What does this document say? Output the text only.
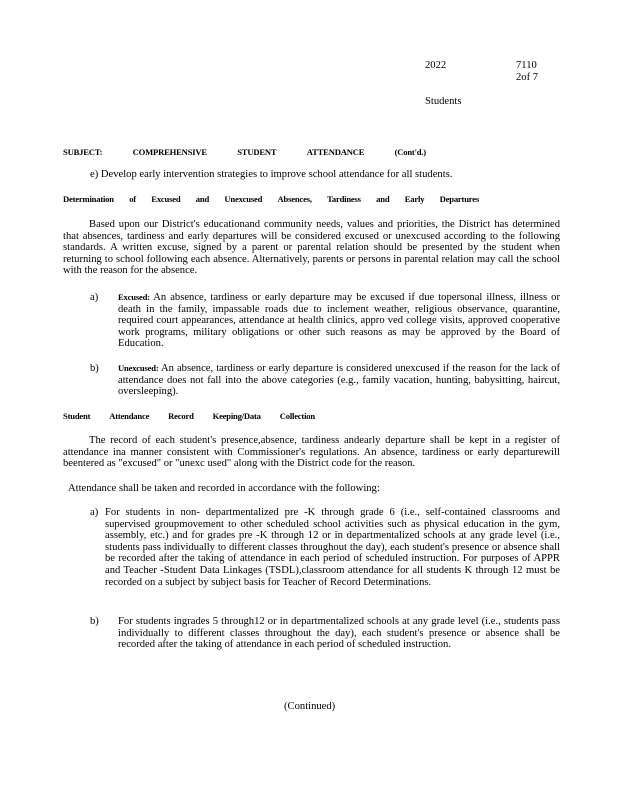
2022	7110
2of 7
Students
SUBJECT:	COMPREHENSIVE	STUDENT	ATTENDANCE	(Cont'd.)
e) Develop early intervention strategies to improve school attendance for all students.
Determination of Excused and Unexcused Absences, Tardiness and Early Departures

Based upon our District's educationand community needs, values and priorities, the District has determined that absences, tardiness and early departures will be considered excused or unexcused according to the following standards. A written excuse, signed by a parent or parental relation should be presented by the student when returning to school following each absence. Alternatively, parents or persons in parental relation may call the school with the reason for the absence.

a) Excused: An absence, tardiness or early departure may be excused if due topersonal illness, illness or death in the family, impassable roads due to inclement weather, religious observance, quarantine, required court appearances, attendance at health clinics, appro ved college visits, approved cooperative work programs, military obligations or other such reasons as may be approved by the Board of Education.

b) Unexcused: An absence, tardiness or early departure is considered unexcused if the reason for the lack of attendance does not fall into the above categories (e.g., family vacation, hunting, babysitting, haircut, oversleeping).

Student Attendance Record Keeping/Data Collection

The record of each student's presence,absence, tardiness andearly departure shall be kept in a register of attendance ina manner consistent with Commissioner's regulations. An absence, tardiness or early departurewill beentered as "excused" or "unexc used" along with the District code for the reason.

Attendance shall be taken and recorded in accordance with the following:
a) For students in non- departmentalized pre -K through grade 6 (i.e., self-contained classrooms and supervised groupmovement to other scheduled school activities such as physical education in the gym, assembly, etc.) and for grades pre -K through 12 or in departmentalized schools at any grade level (i.e., students pass individually to different classes throughout the day), each student's presence or absence shall be recorded after the taking of attendance in each period of scheduled instruction. For purposes of APPR and Teacher -Student Data Linkages (TSDL),classroom attendance for all students K through 12 must be recorded on a subject by subject basis for Teacher of Record Determinations.

b) For students ingrades 5 through12 or in departmentalized schools at any grade level (i.e., students pass individually to different classes throughout the day), each student's presence or absence shall be recorded after the taking of attendance in each period of scheduled instruction.

(Continued)
